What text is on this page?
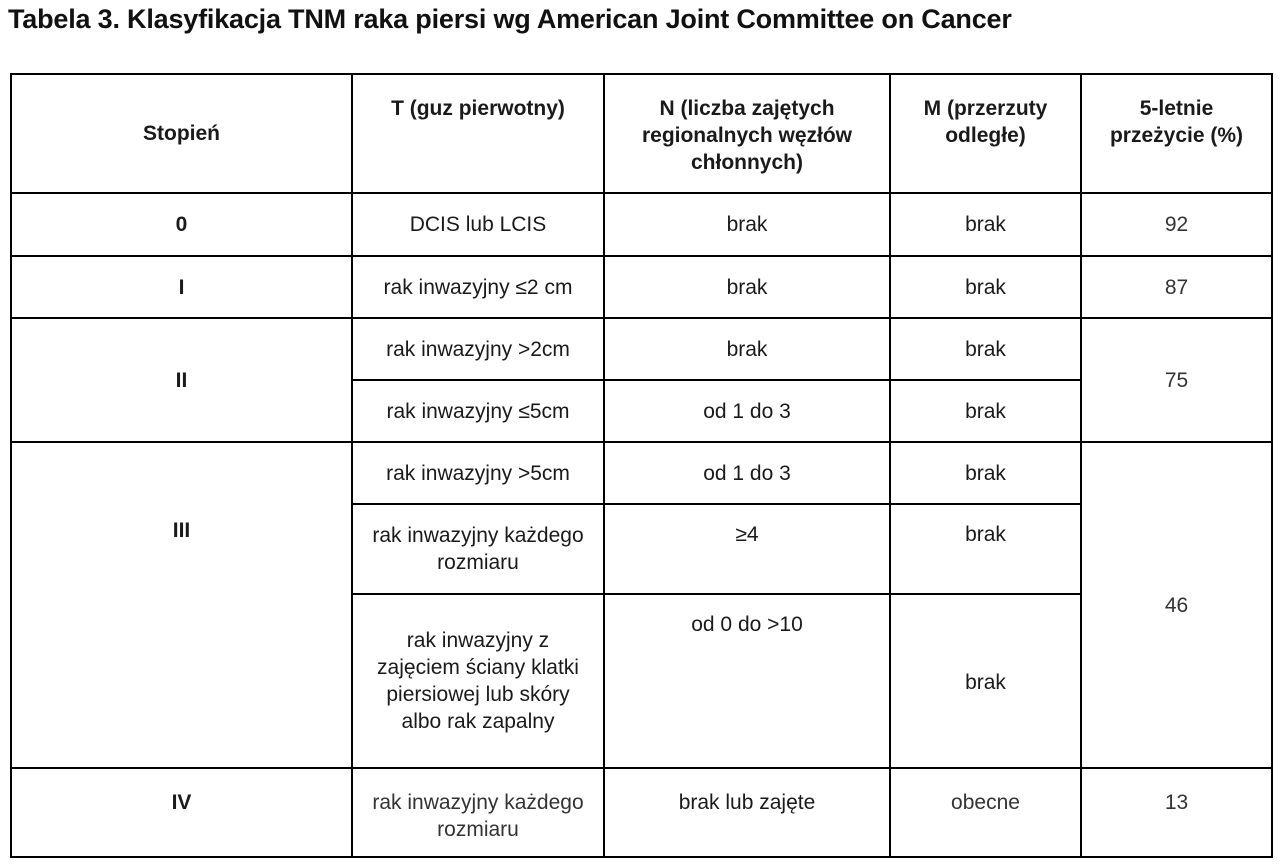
Tabela 3. Klasyfikacja TNM raka piersi wg American Joint Committee on Cancer
Stopień	T (guz pierwotny)	N (liczba zajętych regionalnych węzłów chłonnych)	M (przerzuty odległe)	5-letnie przeżycie (%)
0	DCIS lub LCIS	brak	brak	92
I	rak inwazyjny ≤2 cm	brak	brak	87
II	rak inwazyjny >2cm	brak	brak	75
	rak inwazyjny ≤5cm	od 1 do 3	brak	
III	rak inwazyjny >5cm	od 1 do 3	brak	46
	rak inwazyjny każdego rozmiaru	≥4	brak	
	rak inwazyjny z zajęciem ściany klatki piersiowej lub skóry albo rak zapalny	od 0 do >10	brak	
IV	rak inwazyjny każdego rozmiaru	brak lub zajęte	obecne	13
